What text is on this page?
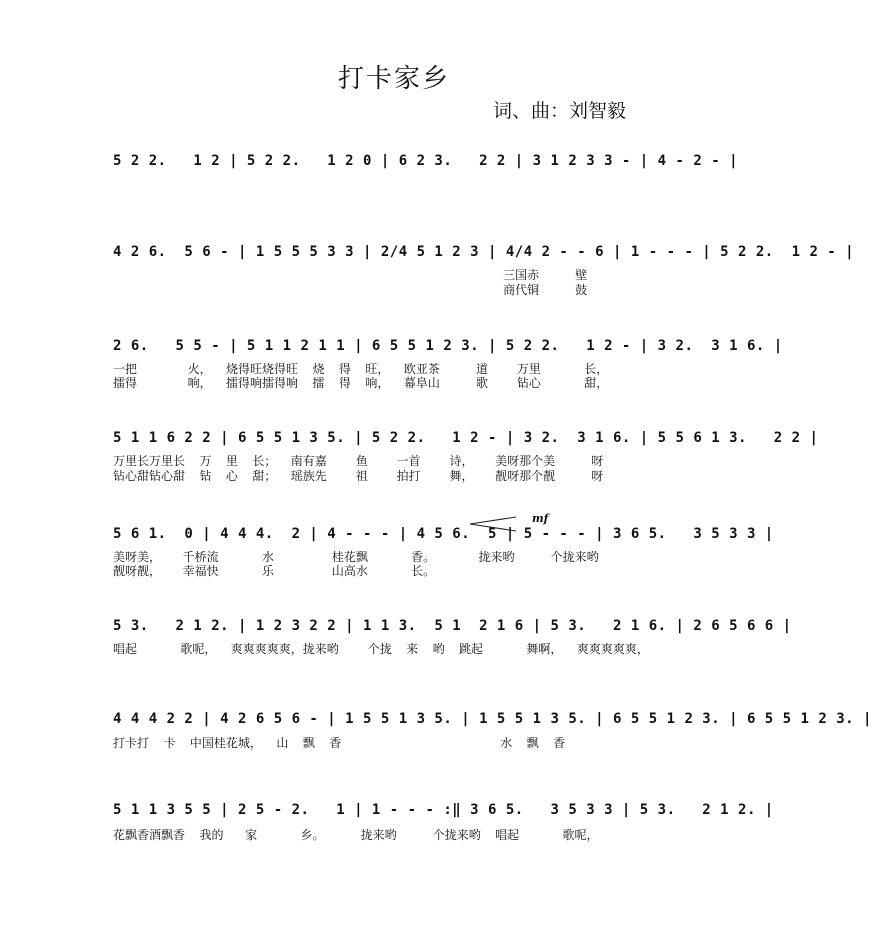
打卡家乡
词、曲：刘智毅
5 2 2.   1 2 | 5 2 2.   1 2 0 | 6 2 3.   2 2 | 3 1 2 3 3 - | 4 - 2 - |
4 2 6.  5 6 - | 1 5 5 5 3 3 | 2/4 5 1 2 3 | 4/4 2 - - 6 | 1 - - - | 5 2 2.  1 2 - |
三国赤     壁
商代铜     鼓
2 6.   5 5 - | 5 1 1 2 1 1 | 6 5 5 1 2 3. | 5 2 2.   1 2 - | 3 2.  3 1 6. |
一把       火，  烧得旺烧得旺  烧  得  旺，  欧亚茶     道    万里      长，
擂得       响，  擂得响擂得响  擂  得  响，  幕阜山     歌    钻心      甜，
5 1 1 6 2 2 | 6 5 5 1 3 5. | 5 2 2.   1 2 - | 3 2.  3 1 6. | 5 5 6 1 3.   2 2 |
万里长万里长  万  里  长；  南有嘉    鱼    一首    诗，   美呀那个美     呀
钻心甜钻心甜  钻  心  甜；  瑶族先    祖    拍打    舞，   靓呀那个靓     呀
mf
5 6 1.  0 | 4 4 4.  2 | 4 - - - | 4 5 6.  5 | 5 - - - | 3 6 5.   3 5 3 3 |
美呀美，   千桥流      水        桂花飘      香。      拢来哟     个拢来哟
靓呀靓，   幸福快      乐        山高水      长。
5 3.   2 1 2. | 1 2 3 2 2 | 1 1 3.  5 1  2 1 6 | 5 3.   2 1 6. | 2 6 5 6 6 |
唱起      歌呢，  爽爽爽爽爽，拢来哟    个拢  来  哟  跳起      舞啊，  爽爽爽爽爽，
4 4 4 2 2 | 4 2 6 5 6 - | 1 5 5 1 3 5. | 1 5 5 1 3 5. | 6 5 5 1 2 3. | 6 5 5 1 2 3. |
打卡打  卡  中国桂花城，  山  飘  香                      水  飘  香
5 1 1 3 5 5 | 2 5 - 2.   1 | 1 - - - :‖ 3 6 5.   3 5 3 3 | 5 3.   2 1 2. |
花飘香酒飘香  我的   家      乡。     拢来哟     个拢来哟  唱起      歌呢，
